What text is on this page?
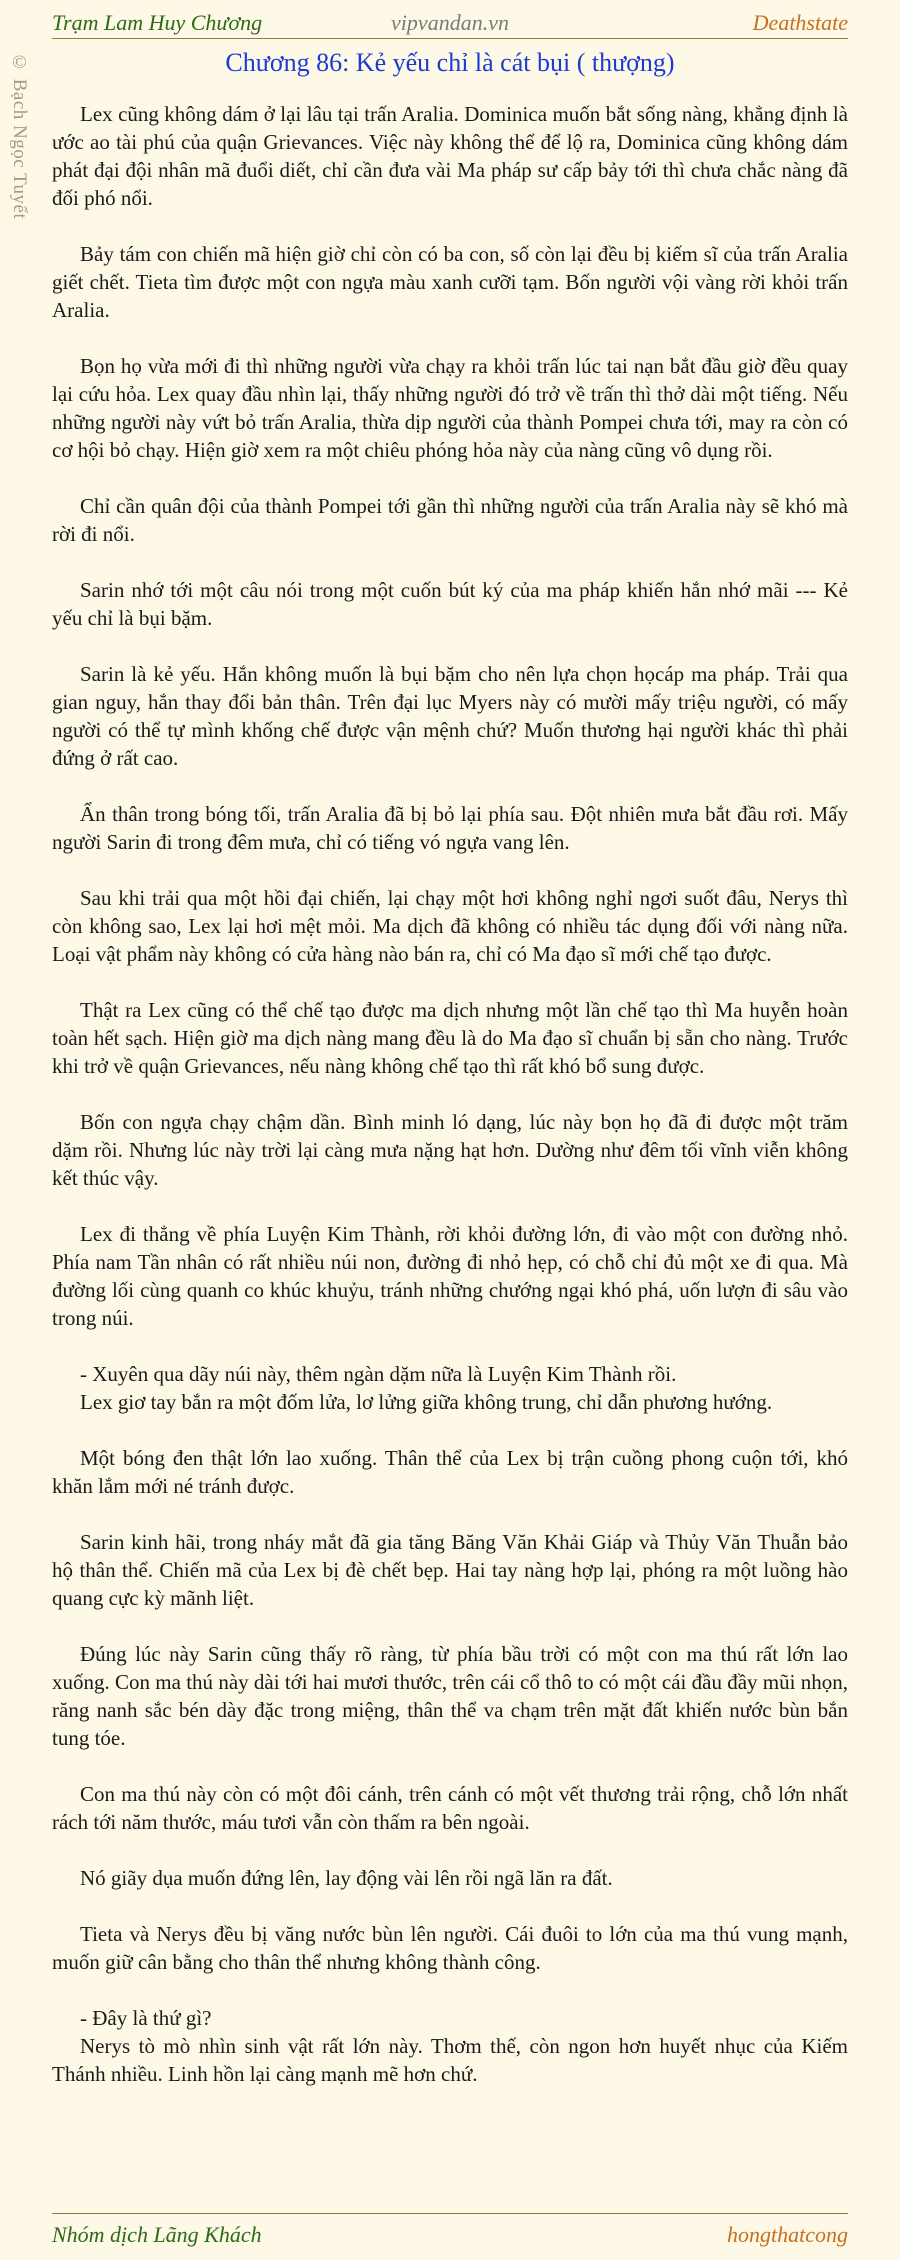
Trạm Lam Huy Chương	vipvandan.vn	Deathstate
© Bạch Ngọc Tuyết	Chương 86: Kẻ yếu chỉ là cát bụi ( thượng)

Lex cũng không dám ở lại lâu tại trấn Aralia. Dominica muốn bắt sống nàng, khẳng định là ước ao tài phú của quận Grievances. Việc này không thể để lộ ra, Dominica cũng không dám phát đại đội nhân mã đuổi diết, chỉ cần đưa vài Ma pháp sư cấp bảy tới thì chưa chắc nàng đã đối phó nổi.

Bảy tám con chiến mã hiện giờ chỉ còn có ba con, số còn lại đều bị kiếm sĩ của trấn Aralia giết chết. Tieta tìm được một con ngựa màu xanh cưỡi tạm. Bốn người vội vàng rời khỏi trấn Aralia.

Bọn họ vừa mới đi thì những người vừa chạy ra khỏi trấn lúc tai nạn bắt đầu giờ đều quay lại cứu hỏa. Lex quay đầu nhìn lại, thấy những người đó trở về trấn thì thở dài một tiếng. Nếu những người này vứt bỏ trấn Aralia, thừa dịp người của thành Pompei chưa tới, may ra còn có cơ hội bỏ chạy. Hiện giờ xem ra một chiêu phóng hỏa này của nàng cũng vô dụng rồi.

Chỉ cần quân đội của thành Pompei tới gần thì những người của trấn Aralia này sẽ khó mà rời đi nổi.

Sarin nhớ tới một câu nói trong một cuốn bút ký của ma pháp khiến hắn nhớ mãi --- Kẻ yếu chỉ là bụi bặm.

Sarin là kẻ yếu. Hắn không muốn là bụi bặm cho nên lựa chọn họcáp ma pháp. Trải qua gian nguy, hắn thay đổi bản thân. Trên đại lục Myers này có mười mấy triệu người, có mấy người có thể tự mình khống chế được vận mệnh chứ? Muốn thương hại người khác thì phải đứng ở rất cao.

Ẩn thân trong bóng tối, trấn Aralia đã bị bỏ lại phía sau. Đột nhiên mưa bắt đầu rơi. Mấy người Sarin đi trong đêm mưa, chỉ có tiếng vó ngựa vang lên.

Sau khi trải qua một hồi đại chiến, lại chạy một hơi không nghỉ ngơi suốt đâu, Nerys thì còn không sao, Lex lại hơi mệt mỏi. Ma dịch đã không có nhiều tác dụng đối với nàng nữa. Loại vật phẩm này không có cửa hàng nào bán ra, chỉ có Ma đạo sĩ mới chế tạo được.

Thật ra Lex cũng có thể chế tạo được ma dịch nhưng một lần chế tạo thì Ma huyễn hoàn toàn hết sạch. Hiện giờ ma dịch nàng mang đều là do Ma đạo sĩ chuẩn bị sẵn cho nàng. Trước khi trở về quận Grievances, nếu nàng không chế tạo thì rất khó bổ sung được.

Bốn con ngựa chạy chậm dần. Bình minh ló dạng, lúc này bọn họ đã đi được một trăm dặm rồi. Nhưng lúc này trời lại càng mưa nặng hạt hơn. Dường như đêm tối vĩnh viễn không kết thúc vậy.

Lex đi thẳng về phía Luyện Kim Thành, rời khỏi đường lớn, đi vào một con đường nhỏ. Phía nam Tần nhân có rất nhiều núi non, đường đi nhỏ hẹp, có chỗ chỉ đủ một xe đi qua. Mà đường lối cùng quanh co khúc khuỷu, tránh những chướng ngại khó phá, uốn lượn đi sâu vào trong núi.

- Xuyên qua dãy núi này, thêm ngàn dặm nữa là Luyện Kim Thành rồi.

Lex giơ tay bắn ra một đốm lửa, lơ lửng giữa không trung, chỉ dẫn phương hướng.

Một bóng đen thật lớn lao xuống. Thân thể của Lex bị trận cuồng phong cuộn tới, khó khăn lắm mới né tránh được.

Sarin kinh hãi, trong nháy mắt đã gia tăng Băng Văn Khải Giáp và Thủy Văn Thuẫn bảo hộ thân thể. Chiến mã của Lex bị đè chết bẹp. Hai tay nàng hợp lại, phóng ra một luồng hào quang cực kỳ mãnh liệt.

Đúng lúc này Sarin cũng thấy rõ ràng, từ phía bầu trời có một con ma thú rất lớn lao xuống. Con ma thú này dài tới hai mươi thước, trên cái cổ thô to có một cái đầu đầy mũi nhọn, răng nanh sắc bén dày đặc trong miệng, thân thể va chạm trên mặt đất khiến nước bùn bắn tung tóe.

Con ma thú này còn có một đôi cánh, trên cánh có một vết thương trải rộng, chỗ lớn nhất rách tới năm thước, máu tươi vẫn còn thấm ra bên ngoài.

Nó giãy dụa muốn đứng lên, lay động vài lên rồi ngã lăn ra đất.

Tieta và Nerys đều bị văng nước bùn lên người. Cái đuôi to lớn của ma thú vung mạnh, muốn giữ cân bằng cho thân thể nhưng không thành công.

- Đây là thứ gì?

Nerys tò mò nhìn sinh vật rất lớn này. Thơm thế, còn ngon hơn huyết nhục của Kiếm Thánh nhiều. Linh hồn lại càng mạnh mẽ hơn chứ.

Nhóm dịch Lãng Khách	hongthatcong
